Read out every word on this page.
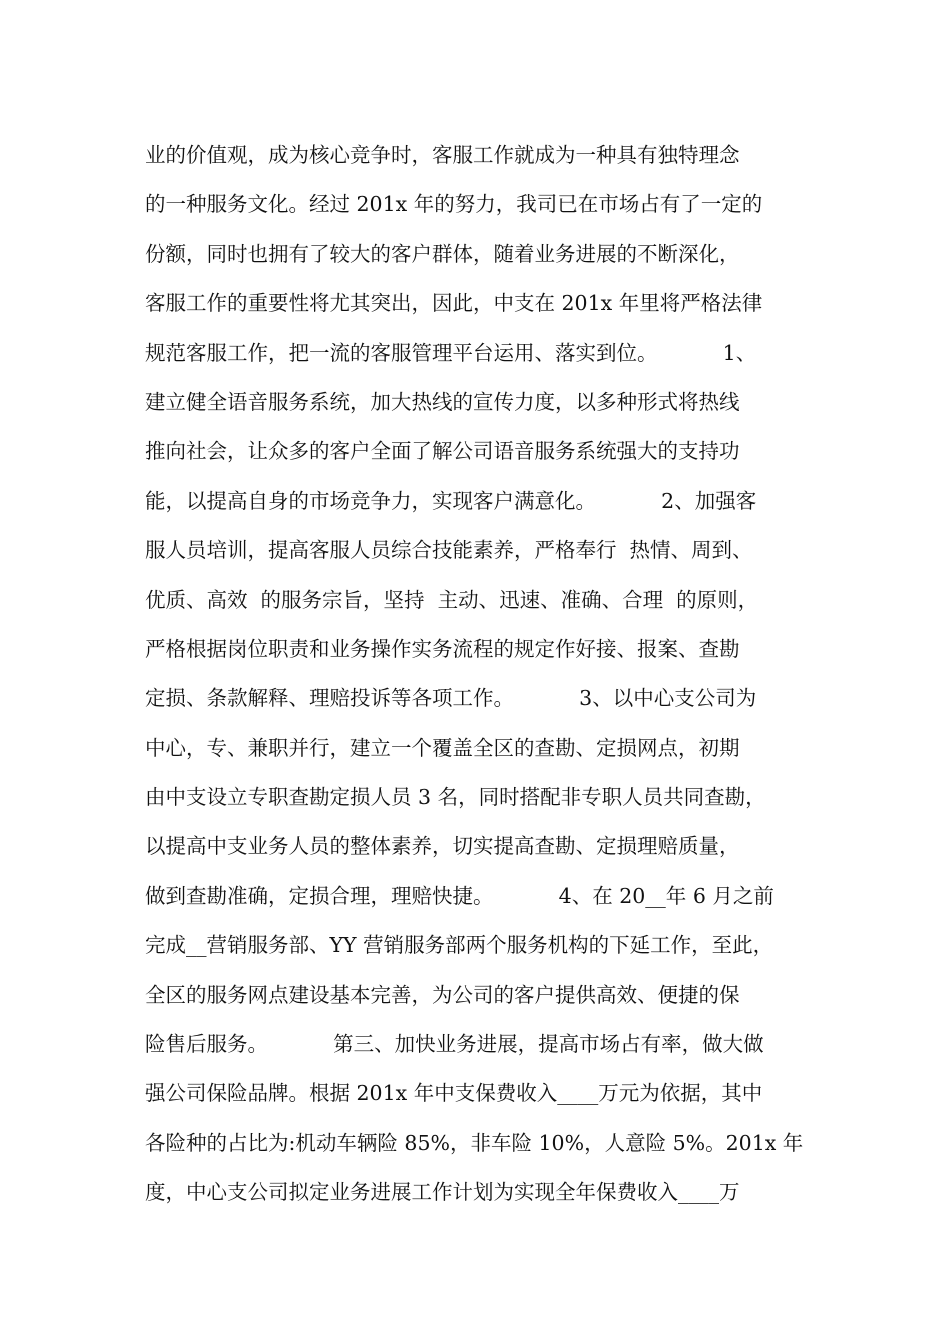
业的价值观，成为核心竞争时，客服工作就成为一种具有独特理念
的一种服务文化。经过 201x 年的努力，我司已在市场占有了一定的
份额，同时也拥有了较大的客户群体，随着业务进展的不断深化，
客服工作的重要性将尤其突出，因此，中支在 201x 年里将严格法律
规范客服工作，把一流的客服管理平台运用、落实到位。          1、
建立健全语音服务系统，加大热线的宣传力度，以多种形式将热线
推向社会，让众多的客户全面了解公司语音服务系统强大的支持功
能，以提高自身的市场竞争力，实现客户满意化。          2、加强客
服人员培训，提高客服人员综合技能素养，严格奉行  热情、周到、
优质、高效  的服务宗旨，坚持  主动、迅速、准确、合理  的原则，
严格根据岗位职责和业务操作实务流程的规定作好接、报案、查勘
定损、条款解释、理赔投诉等各项工作。          3、以中心支公司为
中心，专、兼职并行，建立一个覆盖全区的查勘、定损网点，初期
由中支设立专职查勘定损人员 3 名，同时搭配非专职人员共同查勘，
以提高中支业务人员的整体素养，切实提高查勘、定损理赔质量，
做到查勘准确，定损合理，理赔快捷。          4、在 20__年 6 月之前
完成__营销服务部、YY 营销服务部两个服务机构的下延工作，至此，
全区的服务网点建设基本完善，为公司的客户提供高效、便捷的保
险售后服务。          第三、加快业务进展，提高市场占有率，做大做
强公司保险品牌。根据 201x 年中支保费收入____万元为依据，其中
各险种的占比为:机动车辆险 85%，非车险 10%，人意险 5%。201x 年
度，中心支公司拟定业务进展工作计划为实现全年保费收入____万
